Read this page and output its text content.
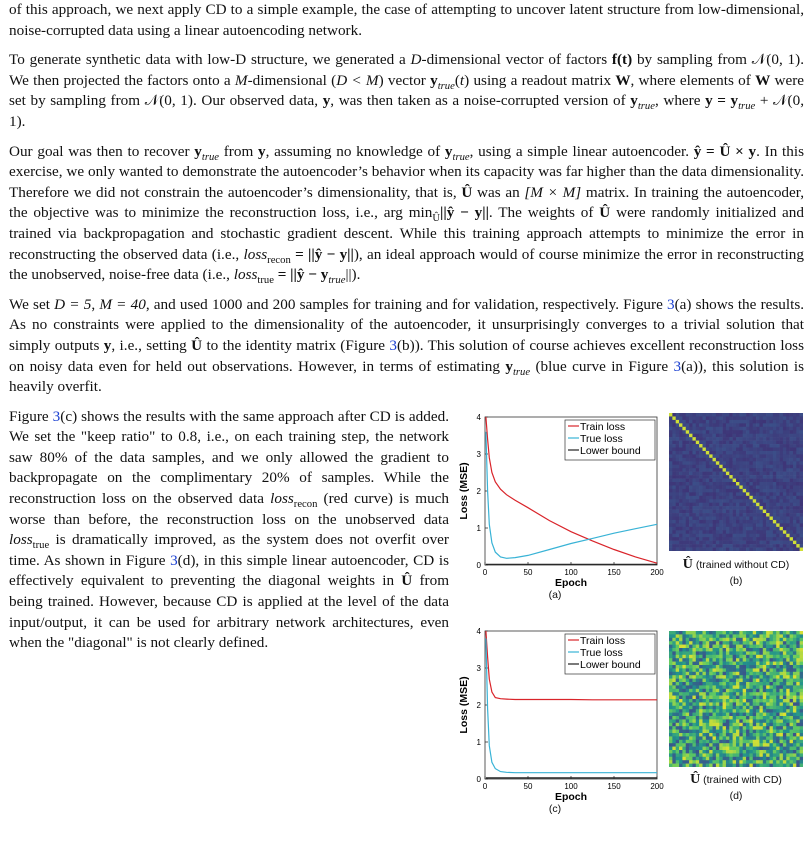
of this approach, we next apply CD to a simple example, the case of attempting to uncover latent structure from low-dimensional, noise-corrupted data using a linear autoencoding network.

To generate synthetic data with low-D structure, we generated a D-dimensional vector of factors f(t) by sampling from 𝒩(0, 1). We then projected the factors onto a M-dimensional (D < M) vector $y_{true}(t)$ using a readout matrix W, where elements of W were set by sampling from 𝒩(0, 1). Our observed data, y, was then taken as a noise-corrupted version of $y_{true}$, where $y = y_{true}$ + 𝒩(0, 1).

Our goal was then to recover $y_{true}$ from y, assuming no knowledge of $y_{true}$, using a simple linear autoencoder. ŷ = Û × y. In this exercise, we only wanted to demonstrate the autoencoder’s behavior when its capacity was far higher than the data dimensionality. Therefore we did not constrain the autoencoder’s dimensionality, that is, Û was an [M × M] matrix. In training the autoencoder, the objective was to minimize the reconstruction loss, i.e., arg $\min_Û||ŷ - y||$. The weights of Û were randomly initialized and trained via backpropagation and stochastic gradient descent. While this training approach attempts to minimize the error in reconstructing the observed data (i.e., loss$_{recon}$ = ||ŷ − y||), an ideal approach would of course minimize the error in reconstructing the unobserved, noise-free data (i.e., loss$_{true}$ = ||ŷ − $y_{true}||$).

We set D = 5, M = 40, and used 1000 and 200 samples for training and for validation, respectively. Figure 3(a) shows the results. As no constraints were applied to the dimensionality of the autoencoder, it unsurprisingly converges to a trivial solution that simply outputs y, i.e., setting Û to the identity matrix (Figure 3(b)). This solution of course achieves excellent reconstruction loss on noisy data even for held out observations. However, in terms of estimating $y_{true}$ (blue curve in Figure 3(a)), this solution is heavily overfit.

Figure 3(c) shows the results with the same approach after CD is added. We set the "keep ratio" to 0.8, i.e., on each training step, the network saw 80% of the data samples, and we only allowed the gradient to backpropagate on the complimentary 20% of samples. While the reconstruction loss on the observed data loss$_{recon}$ (red curve) is much worse than before, the reconstruction loss on the unobserved data loss$_{true}$ is dramatically improved, as the system does not overfit over time. As shown in Figure 3(d), in this simple linear autoencoder, CD is effectively equivalent to preventing the diagonal weights in Û from being trained. However, because CD is applied at the level of the data input/output, it can be used for arbitrary network architectures, even when the "diagonal" is not clearly defined.

0
1
2
3
4
0	50	100	150	200
Epoch
Loss (MSE)
Train loss
True loss
Lower bound
(a)
Û (trained without CD)
(b)
0
1
2
3
4
0	50	100	150	200
Epoch
Loss (MSE)
Train loss
True loss
Lower bound
(c)
Û (trained with CD)
(d)
